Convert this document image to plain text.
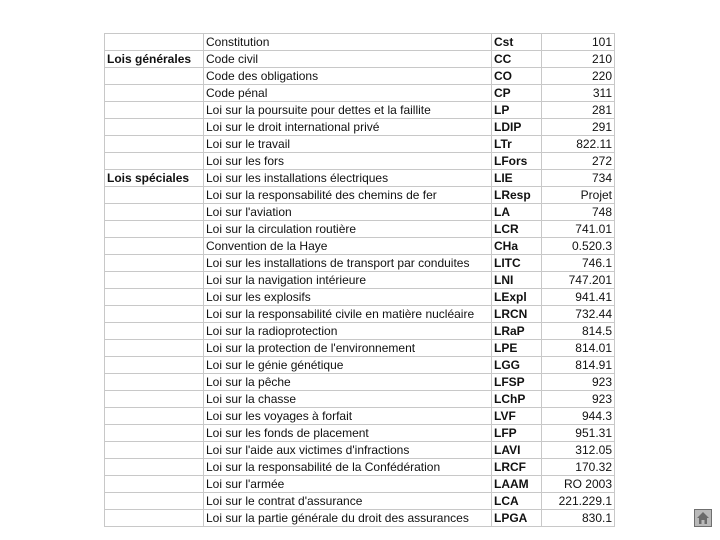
	Constitution	Cst	101
Lois générales	Code civil	CC	210
	Code des obligations	CO	220
	Code pénal	CP	311
	Loi sur la poursuite pour dettes et la faillite	LP	281
	Loi sur le droit international privé	LDIP	291
	Loi sur le travail	LTr	822.11
	Loi sur les fors	LFors	272
Lois spéciales	Loi sur les installations électriques	LIE	734
	Loi sur la responsabilité des chemins de fer	LResp	Projet
	Loi sur l'aviation	LA	748
	Loi sur la circulation routière	LCR	741.01
	Convention de la Haye	CHa	0.520.3
	Loi sur les installations de transport par conduites	LITC	746.1
	Loi sur la navigation intérieure	LNI	747.201
	Loi sur les explosifs	LExpl	941.41
	Loi sur la responsabilité civile en matière nucléaire	LRCN	732.44
	Loi sur la radioprotection	LRaP	814.5
	Loi sur la protection de l'environnement	LPE	814.01
	Loi sur le génie génétique	LGG	814.91
	Loi sur la pêche	LFSP	923
	Loi sur la chasse	LChP	923
	Loi sur les voyages à forfait	LVF	944.3
	Loi sur les fonds de placement	LFP	951.31
	Loi sur l'aide aux victimes d'infractions	LAVI	312.05
	Loi sur la responsabilité de la Confédération	LRCF	170.32
	Loi sur l'armée	LAAM	RO 2003
	Loi sur le contrat d'assurance	LCA	221.229.1
	Loi sur la partie générale du droit des assurances	LPGA	830.1
